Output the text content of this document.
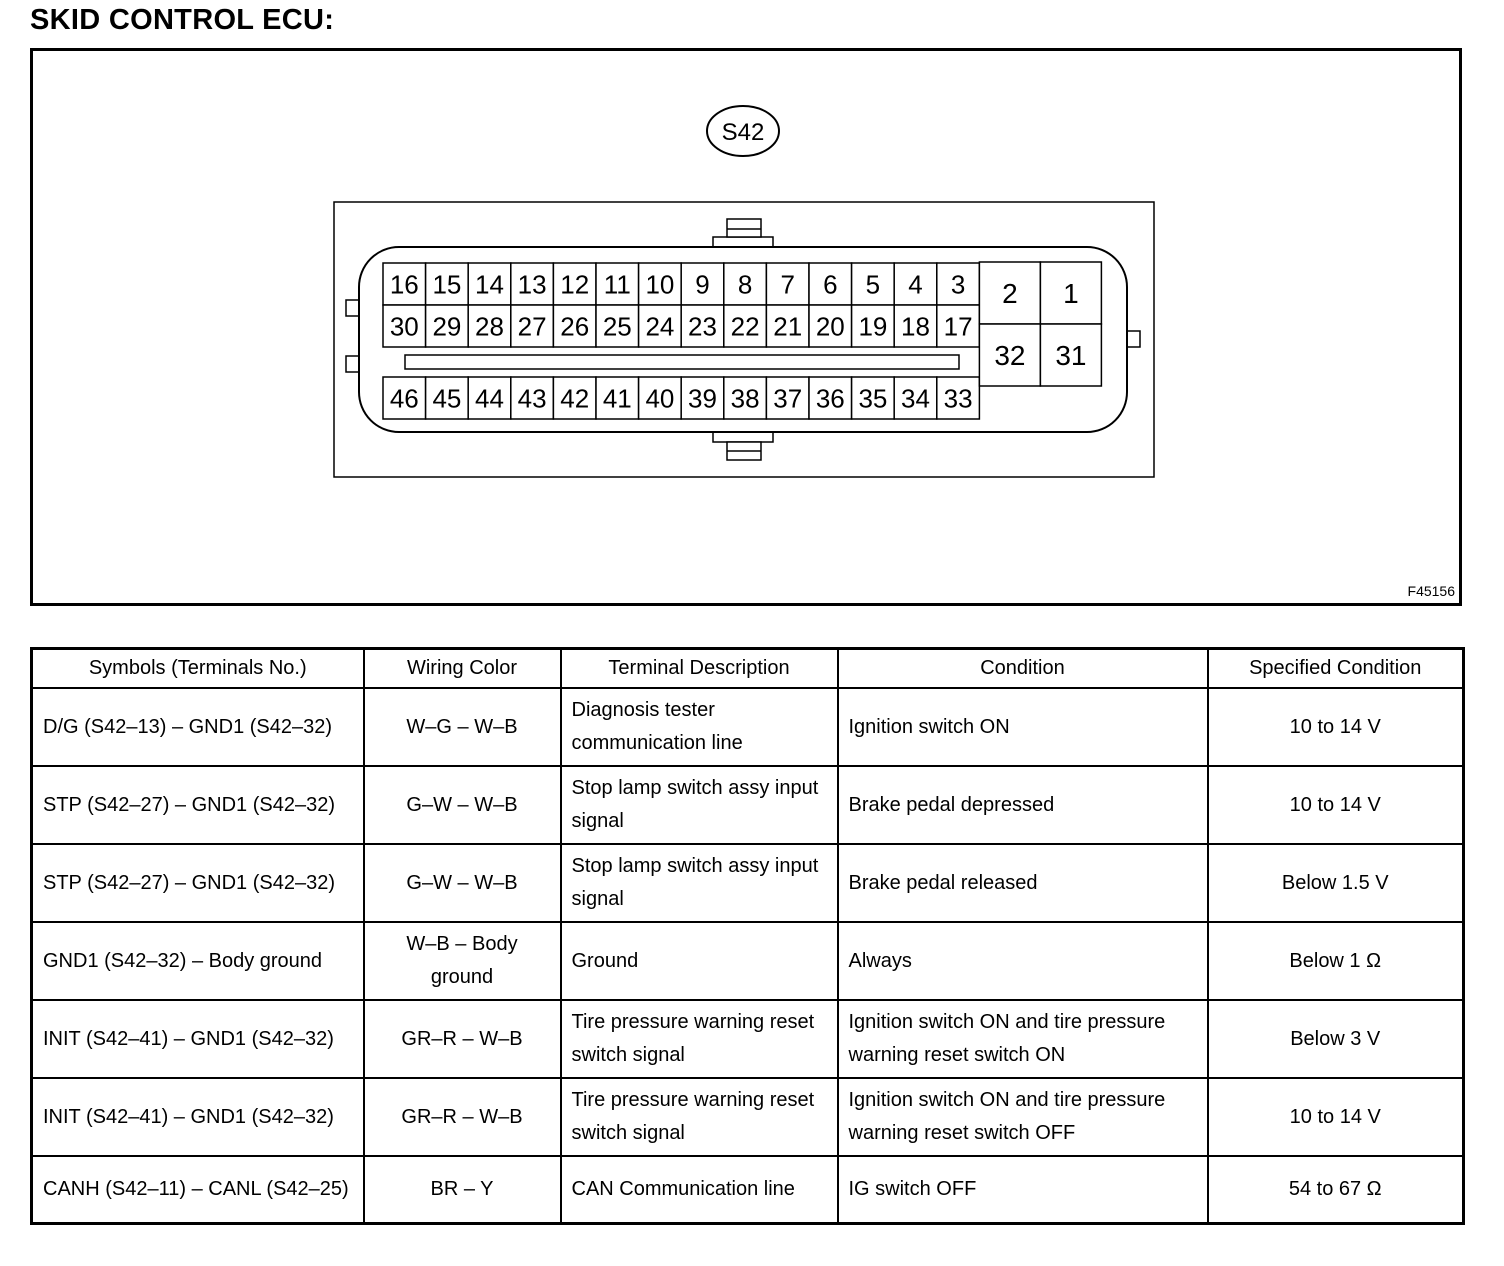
SKID CONTROL ECU:
S42
16 15 14 13 12 11 10 9 8 7 6 5 4 3
30 29 28 27 26 25 24 23 22 21 20 19 18 17
46 45 44 43 42 41 40 39 38 37 36 35 34 33
2 1
32 31
F45156
Symbols (Terminals No.)	Wiring Color	Terminal Description	Condition	Specified Condition
D/G (S42–13) – GND1 (S42–32)	W–G – W–B	Diagnosis tester communication line	Ignition switch ON	10 to 14 V
STP (S42–27) – GND1 (S42–32)	G–W – W–B	Stop lamp switch assy input signal	Brake pedal depressed	10 to 14 V
STP (S42–27) – GND1 (S42–32)	G–W – W–B	Stop lamp switch assy input signal	Brake pedal released	Below 1.5 V
GND1 (S42–32) – Body ground	W–B – Body ground	Ground	Always	Below 1 Ω
INIT (S42–41) – GND1 (S42–32)	GR–R – W–B	Tire pressure warning reset switch signal	Ignition switch ON and tire pressure warning reset switch ON	Below 3 V
INIT (S42–41) – GND1 (S42–32)	GR–R – W–B	Tire pressure warning reset switch signal	Ignition switch ON and tire pressure warning reset switch OFF	10 to 14 V
CANH (S42–11) – CANL (S42–25)	BR – Y	CAN Communication line	IG switch OFF	54 to 67 Ω
